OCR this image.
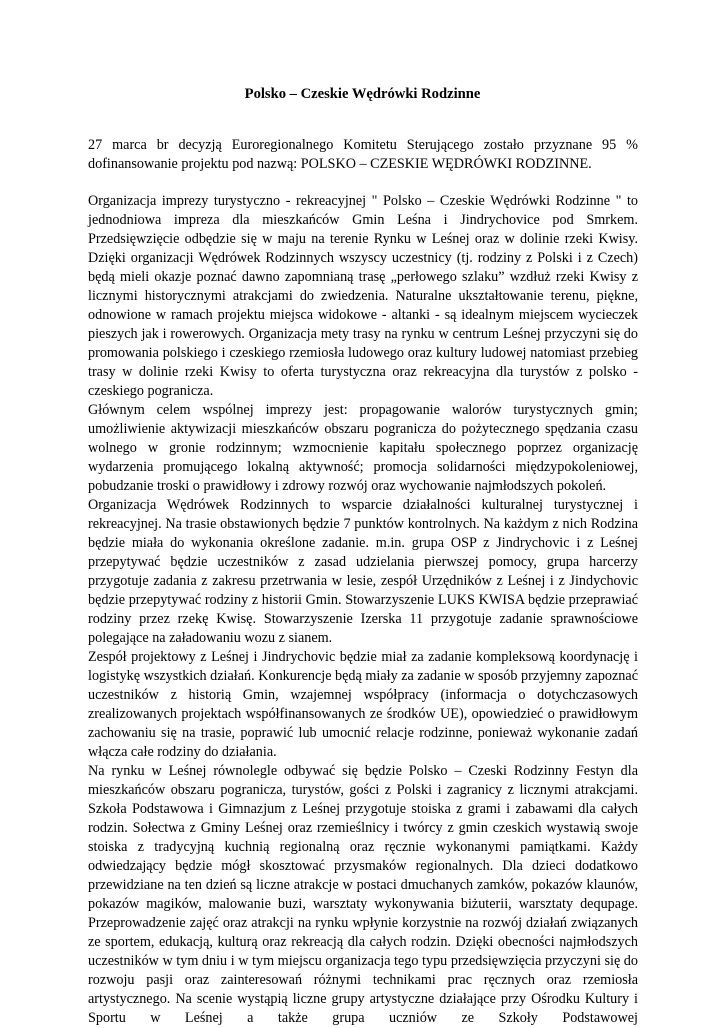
Polsko – Czeskie Wędrówki Rodzinne

27 marca br decyzją Euroregionalnego Komitetu Sterującego zostało przyznane 95 % dofinansowanie projektu pod nazwą: POLSKO – CZESKIE WĘDRÓWKI RODZINNE.

Organizacja imprezy turystyczno - rekreacyjnej " Polsko – Czeskie Wędrówki Rodzinne " to jednodniowa impreza dla mieszkańców Gmin Leśna i Jindrychovice pod Smrkem. Przedsięwzięcie odbędzie się w maju na terenie Rynku w Leśnej oraz w dolinie rzeki Kwisy. Dzięki organizacji Wędrówek Rodzinnych wszyscy uczestnicy (tj. rodziny z Polski i z Czech) będą mieli okazje poznać dawno zapomnianą trasę „perłowego szlaku” wzdłuż rzeki Kwisy z licznymi historycznymi atrakcjami do zwiedzenia. Naturalne ukształtowanie terenu, piękne, odnowione w ramach projektu miejsca widokowe - altanki - są idealnym miejscem wycieczek pieszych jak i rowerowych. Organizacja mety trasy na rynku w centrum Leśnej przyczyni się do promowania polskiego i czeskiego rzemiosła ludowego oraz kultury ludowej natomiast przebieg trasy w dolinie rzeki Kwisy to oferta turystyczna oraz rekreacyjna dla turystów z polsko - czeskiego pogranicza.

Głównym celem wspólnej imprezy jest: propagowanie walorów turystycznych gmin; umożliwienie aktywizacji mieszkańców obszaru pogranicza do pożytecznego spędzania czasu wolnego w gronie rodzinnym; wzmocnienie kapitału społecznego poprzez organizację wydarzenia promującego lokalną aktywność; promocja solidarności międzypokoleniowej, pobudzanie troski o prawidłowy i zdrowy rozwój oraz wychowanie najmłodszych pokoleń.

Organizacja Wędrówek Rodzinnych to wsparcie działalności kulturalnej turystycznej i rekreacyjnej. Na trasie obstawionych będzie 7 punktów kontrolnych. Na każdym z nich Rodzina będzie miała do wykonania określone zadanie. m.in. grupa OSP z Jindrychovic i z Leśnej przepytywać będzie uczestników z zasad udzielania pierwszej pomocy, grupa harcerzy przygotuje zadania z zakresu przetrwania w lesie, zespół Urzędników z Leśnej i z Jindychovic będzie przepytywać rodziny z historii Gmin. Stowarzyszenie LUKS KWISA będzie przeprawiać rodziny przez rzekę Kwisę. Stowarzyszenie Izerska 11 przygotuje zadanie sprawnościowe polegające na załadowaniu wozu z sianem.

Zespół projektowy z Leśnej i Jindrychovic będzie miał za zadanie kompleksową koordynację i logistykę wszystkich działań. Konkurencje będą miały za zadanie w sposób przyjemny zapoznać uczestników z historią Gmin, wzajemnej współpracy (informacja o dotychczasowych zrealizowanych projektach współfinansowanych ze środków UE), opowiedzieć o prawidłowym zachowaniu się na trasie, poprawić lub umocnić relacje rodzinne, ponieważ wykonanie zadań włącza całe rodziny do działania.

Na rynku w Leśnej równolegle odbywać się będzie Polsko – Czeski Rodzinny Festyn dla mieszkańców obszaru pogranicza, turystów, gości z Polski i zagranicy z licznymi atrakcjami. Szkoła Podstawowa i Gimnazjum z Leśnej przygotuje stoiska z grami i zabawami dla całych rodzin. Sołectwa z Gminy Leśnej oraz rzemieślnicy i twórcy z gmin czeskich wystawią swoje stoiska z tradycyjną kuchnią regionalną oraz ręcznie wykonanymi pamiątkami. Każdy odwiedzający będzie mógł skosztować przysmaków regionalnych. Dla dzieci dodatkowo przewidziane na ten dzień są liczne atrakcje w postaci dmuchanych zamków, pokazów klaunów, pokazów magików, malowanie buzi, warsztaty wykonywania biżuterii, warsztaty dequpage. Przeprowadzenie zajęć oraz atrakcji na rynku wpłynie korzystnie na rozwój działań związanych ze sportem, edukacją, kulturą oraz rekreacją dla całych rodzin. Dzięki obecności najmłodszych uczestników w tym dniu i w tym miejscu organizacja tego typu przedsięwzięcia przyczyni się do rozwoju pasji oraz zainteresowań różnymi technikami prac ręcznych oraz rzemiosła artystycznego. Na scenie wystąpią liczne grupy artystyczne działające przy Ośrodku Kultury i Sportu w Leśnej a także grupa uczniów ze Szkoły Podstawowej
